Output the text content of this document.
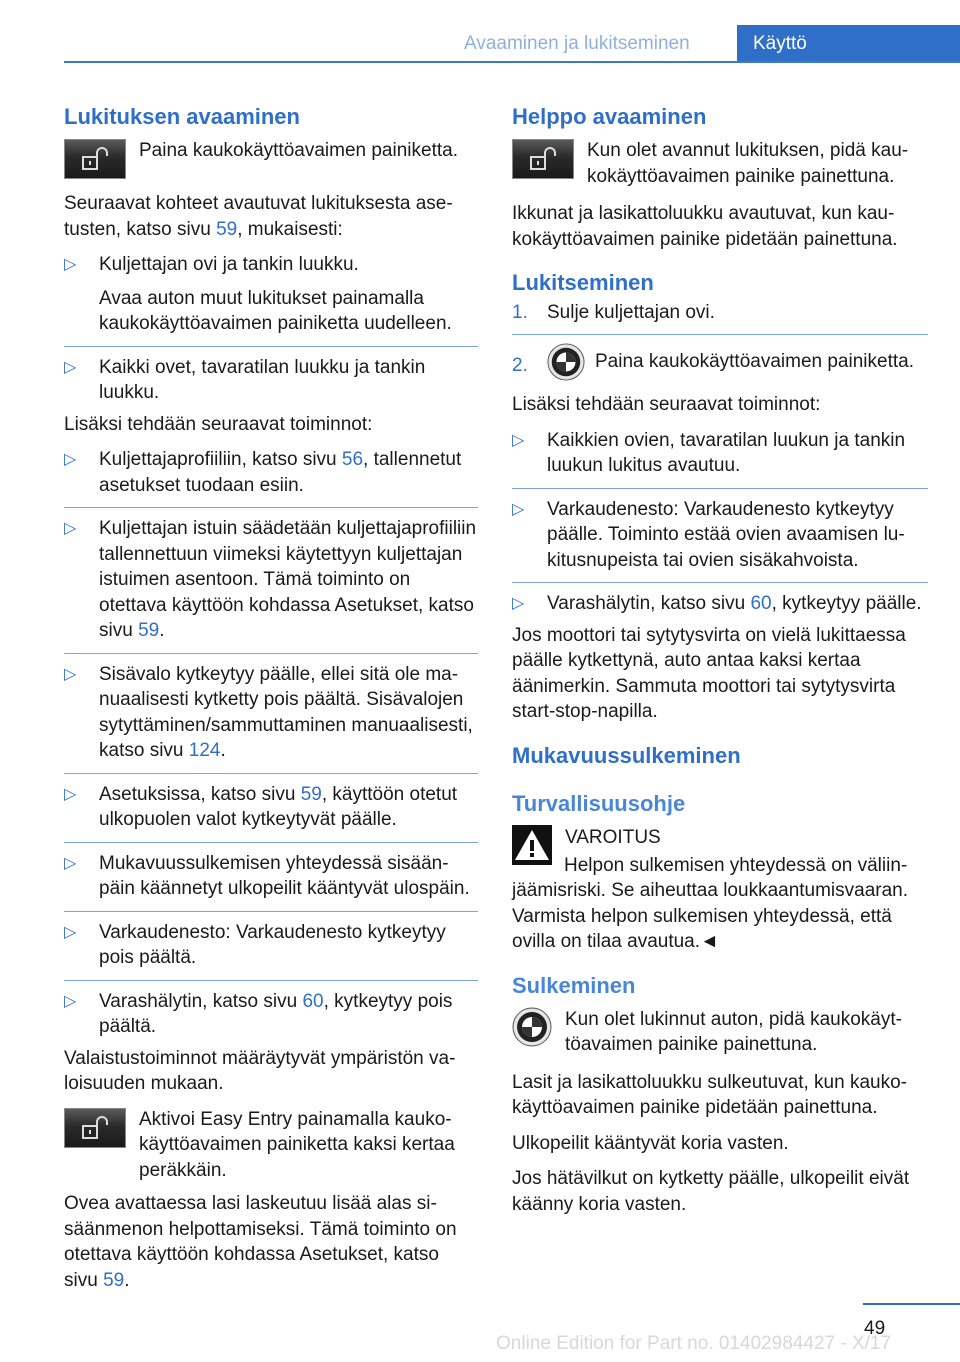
Avaaminen ja lukitseminen	Käyttö
Lukituksen avaaminen
Paina kaukokäyttöavaimen painiketta.

Seuraavat kohteet avautuvat lukituksesta asetusten, katso sivu 59, mukaisesti:

▷ Kuljettajan ovi ja tankin luukku.

Avaa auton muut lukitukset painamalla kaukokäyttöavaimen painiketta uudelleen.

▷ Kaikki ovet, tavaratilan luukku ja tankin luukku.

Lisäksi tehdään seuraavat toiminnot:

▷ Kuljettajaprofiiliin, katso sivu 56, tallennetut asetukset tuodaan esiin.

▷ Kuljettajan istuin säädetään kuljettajaprofiiliin tallennettuun viimeksi käytettyyn kuljettajan istuimen asentoon. Tämä toiminto on otettava käyttöön kohdassa Asetukset, katso sivu 59.

▷ Sisävalo kytkeytyy päälle, ellei sitä ole manuaalisesti kytketty pois päältä. Sisävalojen sytyttäminen/sammuttaminen manuaalisesti, katso sivu 124.

▷ Asetuksissa, katso sivu 59, käyttöön otetut ulkopuolen valot kytkeytyvät päälle.

▷ Mukavuussulkemisen yhteydessä sisäänpäin käännetyt ulkopeilit kääntyvät ulospäin.

▷ Varkaudenesto: Varkaudenesto kytkeytyy pois päältä.

▷ Varashälytin, katso sivu 60, kytkeytyy pois päältä.

Valaistustoiminnot määräytyvät ympäristön valoisuuden mukaan.

Aktivoi Easy Entry painamalla kaukokäyttöavaimen painiketta kaksi kertaa peräkkäin.

Ovea avattaessa lasi laskeutuu lisää alas sisäänmenon helpottamiseksi. Tämä toiminto on otettava käyttöön kohdassa Asetukset, katso sivu 59.

Helppo avaaminen
Kun olet avannut lukituksen, pidä kaukokäyttöavaimen painike painettuna.

Ikkunat ja lasikattoluukku avautuvat, kun kaukokäyttöavaimen painike pidetään painettuna.

Lukitseminen
1. Sulje kuljettajan ovi.
2.	Paina kaukokäyttöavaimen painiketta.

Lisäksi tehdään seuraavat toiminnot:

▷ Kaikkien ovien, tavaratilan luukun ja tankin luukun lukitus avautuu.

▷ Varkaudenesto: Varkaudenesto kytkeytyy päälle. Toiminto estää ovien avaamisen lukitusnupeista tai ovien sisäkahvoista.

▷ Varashälytin, katso sivu 60, kytkeytyy päälle.

Jos moottori tai sytytysvirta on vielä lukittaessa päälle kytkettynä, auto antaa kaksi kertaa äänimerkin. Sammuta moottori tai sytytysvirta start-stop-napilla.

Mukavuussulkeminen
Turvallisuusohje
VAROITUS

Helpon sulkemisen yhteydessä on väliinjäämisriski. Se aiheuttaa loukkaantumisvaaran. Varmista helpon sulkemisen yhteydessä, että ovilla on tilaa avautua.◄

Sulkeminen
Kun olet lukinnut auton, pidä kaukokäyttöavaimen painike painettuna.

Lasit ja lasikattoluukku sulkeutuvat, kun kaukokäyttöavaimen painike pidetään painettuna.

Ulkopeilit kääntyvät koria vasten.

Jos hätävilkut on kytketty päälle, ulkopeilit eivät käänny koria vasten.

49
Online Edition for Part no. 01402984427 - X/17
